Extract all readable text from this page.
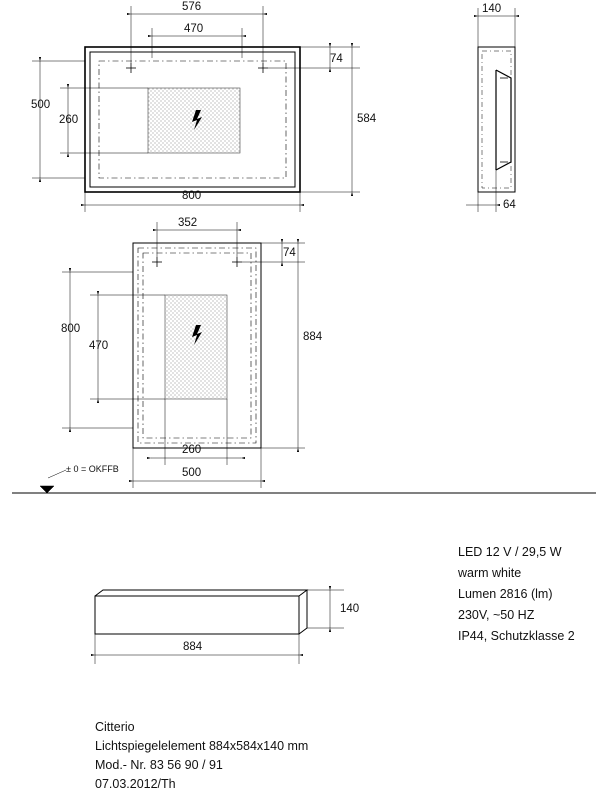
576
470
74
584
500
260
800
140
64
352
74
884
800
470
260
500
± 0 = OKFFB
140
884
LED 12 V / 29,5 W
warm white
Lumen 2816 (lm)
230V, ~50 HZ
IP44, Schutzklasse 2
Citterio
Lichtspiegelelement 884x584x140 mm
Mod.- Nr. 83 56 90 / 91
07.03.2012/Th
